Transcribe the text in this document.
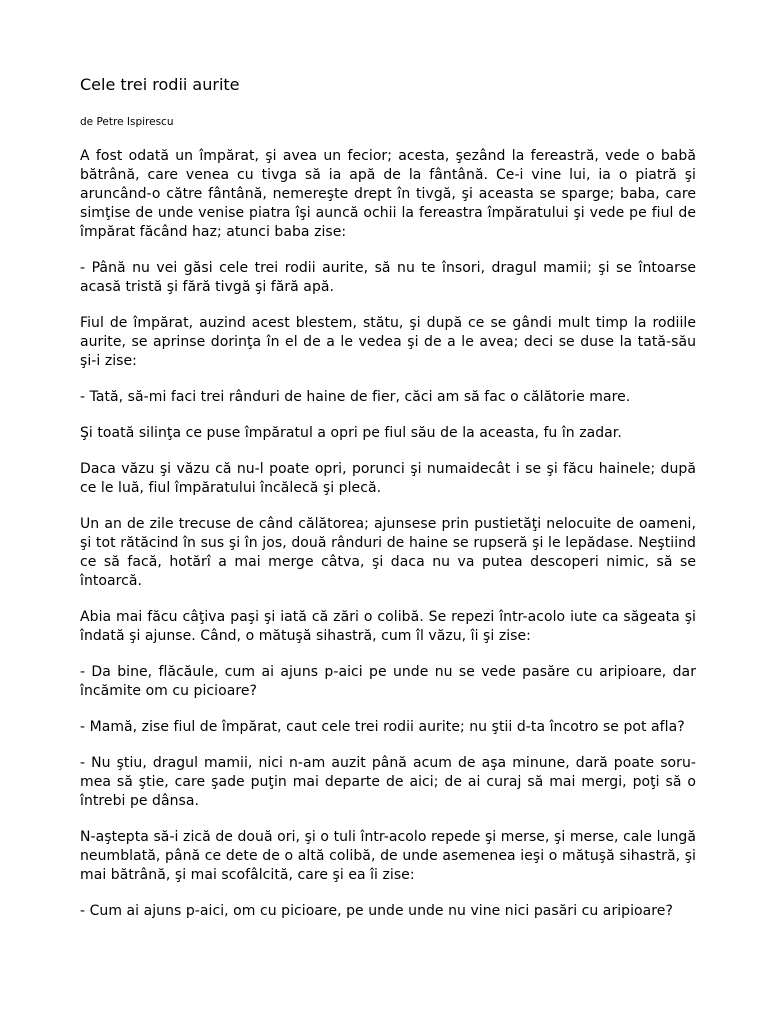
Cele trei rodii aurite
de Petre Ispirescu

A fost odată un împărat, şi avea un fecior; acesta, şezând la fereastră, vede o babă bătrână, care venea cu tivga să ia apă de la fântână. Ce-i vine lui, ia o piatră şi aruncând-o către fântână, nemereşte drept în tivgă, şi aceasta se sparge; baba, care simţise de unde venise piatra îşi auncă ochii la fereastra împăratului şi vede pe fiul de împărat făcând haz; atunci baba zise:

- Până nu vei găsi cele trei rodii aurite, să nu te însori, dragul mamii; şi se întoarse acasă tristă şi fără tivgă şi fără apă.

Fiul de împărat, auzind acest blestem, stătu, şi după ce se gândi mult timp la rodiile aurite, se aprinse dorinţa în el de a le vedea şi de a le avea; deci se duse la tată-său şi-i zise:

- Tată, să-mi faci trei rânduri de haine de fier, căci am să fac o călătorie mare.

Şi toată silinţa ce puse împăratul a opri pe fiul său de la aceasta, fu în zadar.

Daca văzu şi văzu că nu-l poate opri, porunci şi numaidecât i se şi făcu hainele; după ce le luă, fiul împăratului încălecă şi plecă.

Un an de zile trecuse de când călătorea; ajunsese prin pustietăţi nelocuite de oameni, şi tot rătăcind în sus şi în jos, două rânduri de haine se rupseră şi le lepădase. Neştiind ce să facă, hotărî a mai merge câtva, şi daca nu va putea descoperi nimic, să se întoarcă.

Abia mai făcu câţiva paşi şi iată că zări o colibă. Se repezi într-acolo iute ca săgeata şi îndată şi ajunse. Când, o mătuşă sihastră, cum îl văzu, îi şi zise:

- Da bine, flăcăule, cum ai ajuns p-aici pe unde nu se vede pasăre cu aripioare, dar încămite om cu picioare?

- Mamă, zise fiul de împărat, caut cele trei rodii aurite; nu ştii d-ta încotro se pot afla?

- Nu ştiu, dragul mamii, nici n-am auzit până acum de aşa minune, dară poate soru-mea să ştie, care şade puţin mai departe de aici; de ai curaj să mai mergi, poţi să o întrebi pe dânsa.

N-aştepta să-i zică de două ori, şi o tuli într-acolo repede şi merse, şi merse, cale lungă neumblată, până ce dete de o altă colibă, de unde asemenea ieşi o mătuşă sihastră, şi mai bătrână, şi mai scofâlcită, care şi ea îi zise:

- Cum ai ajuns p-aici, om cu picioare, pe unde unde nu vine nici pasări cu aripioare?
